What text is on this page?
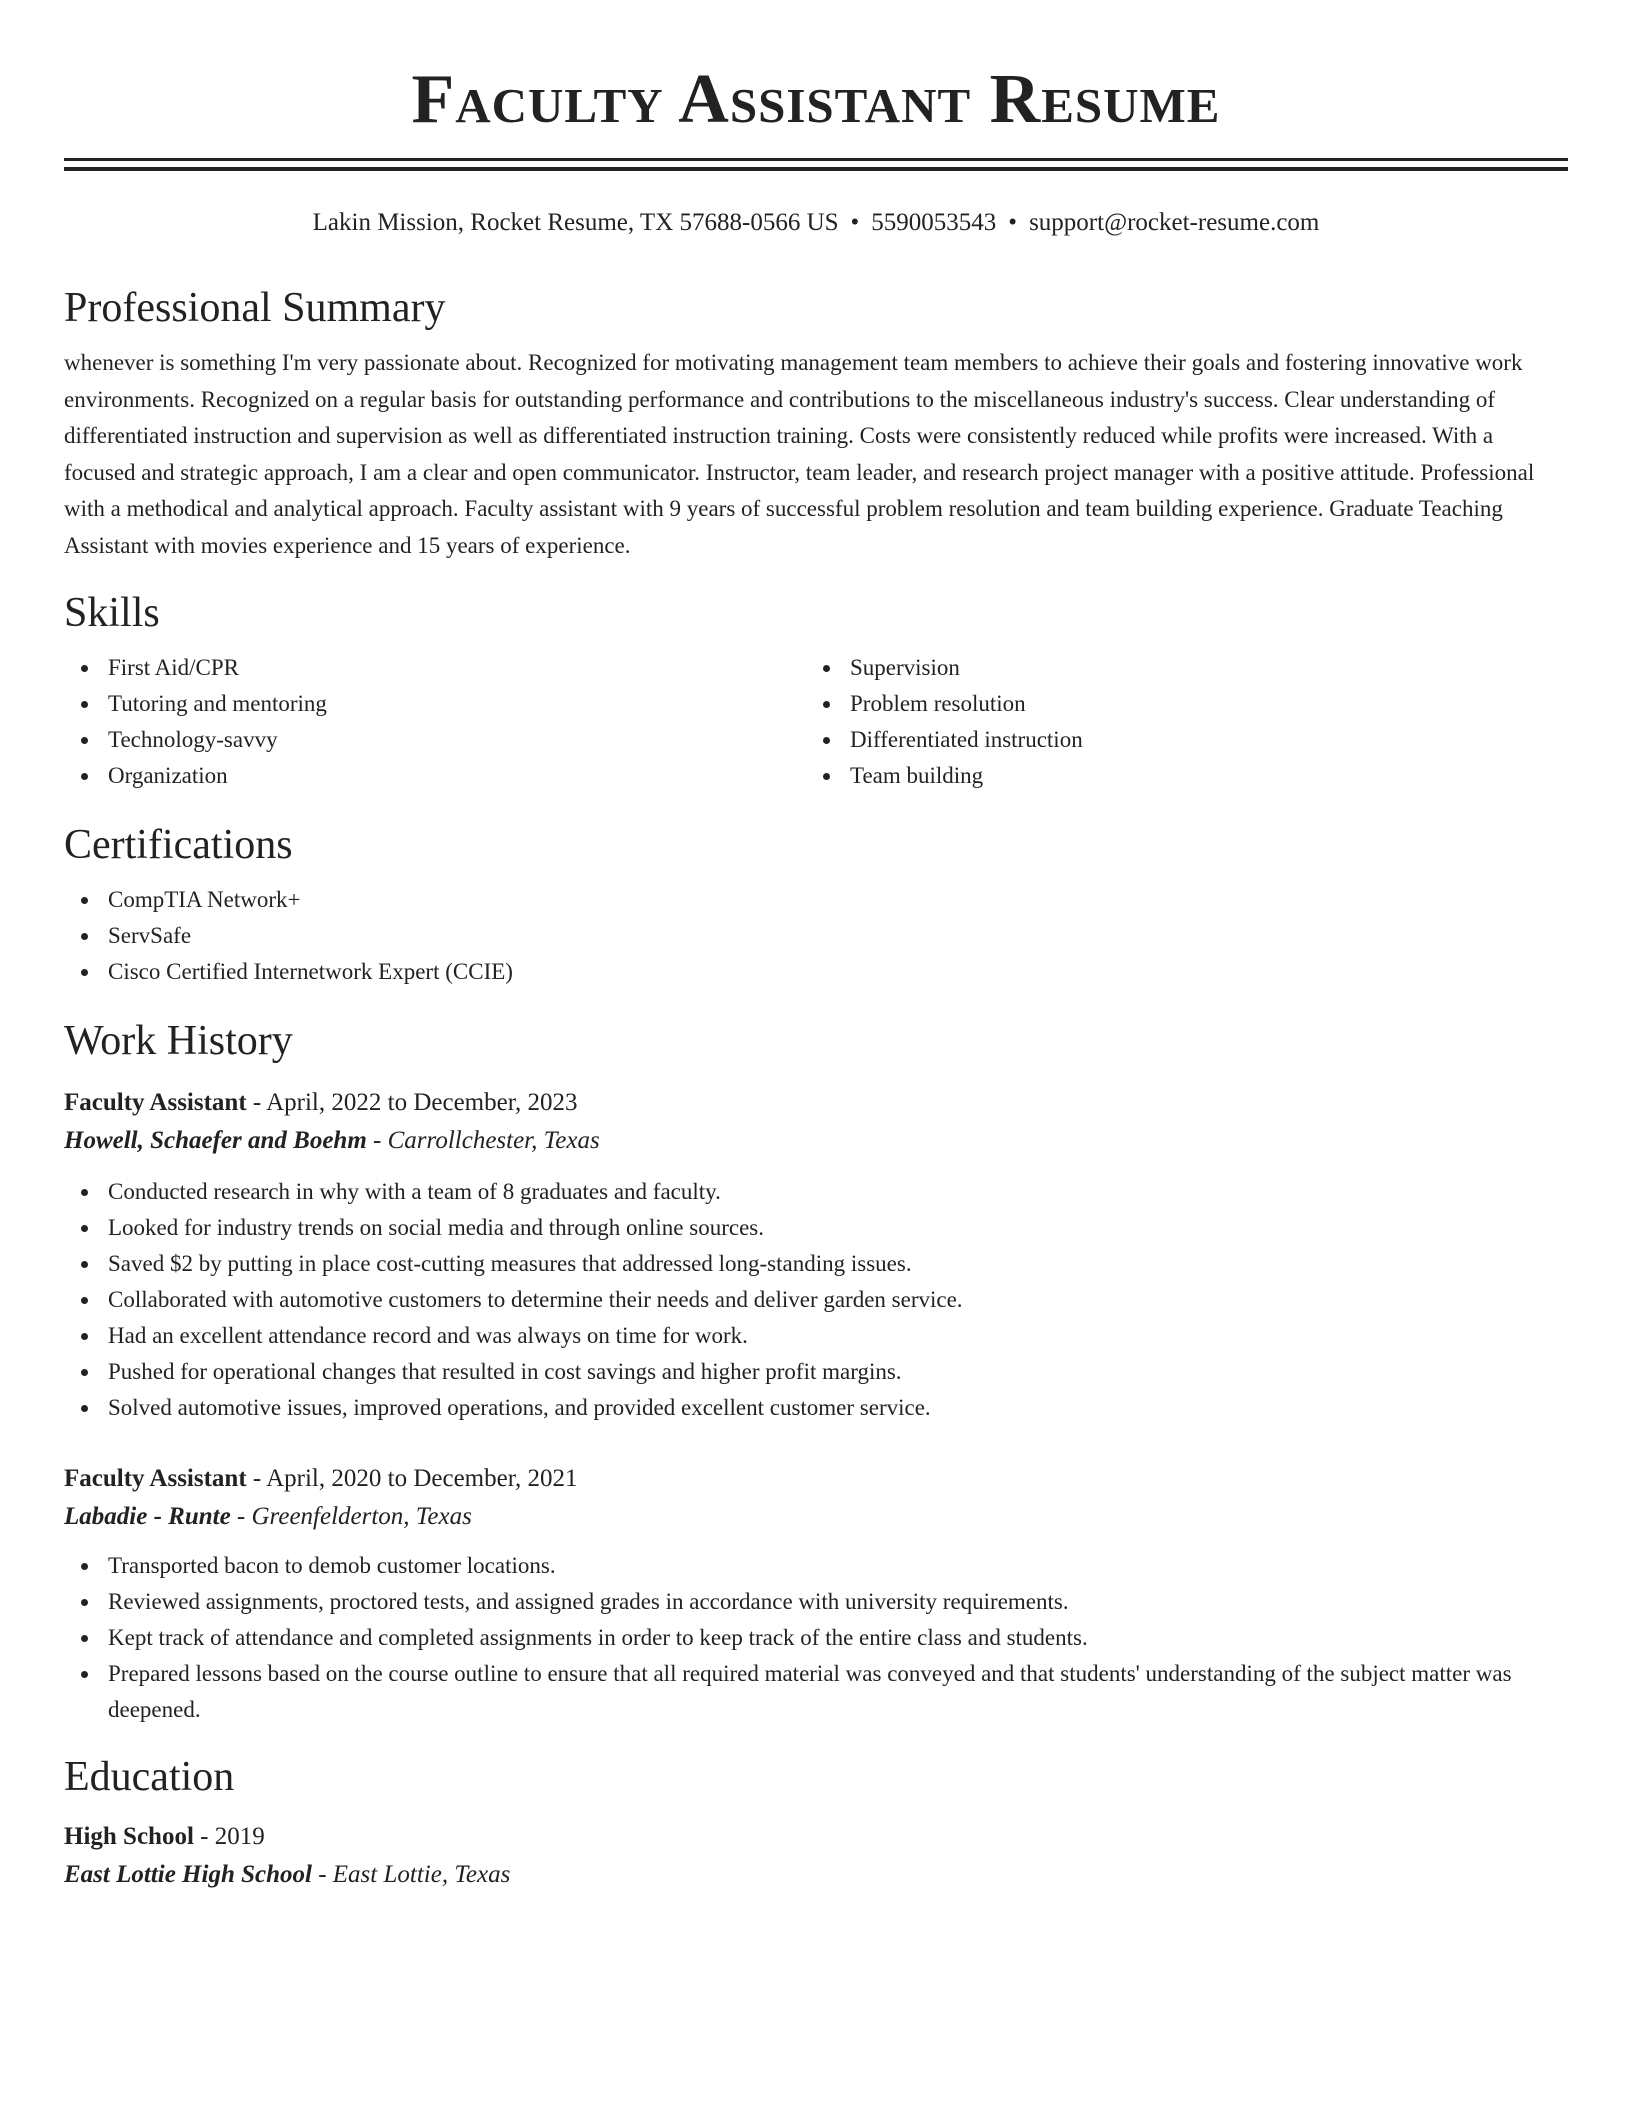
Faculty Assistant Resume
Lakin Mission, Rocket Resume, TX 57688-0566 US • 5590053543 • support@rocket-resume.com
Professional Summary

whenever is something I'm very passionate about. Recognized for motivating management team members to achieve their goals and fostering innovative work environments. Recognized on a regular basis for outstanding performance and contributions to the miscellaneous industry's success. Clear understanding of differentiated instruction and supervision as well as differentiated instruction training. Costs were consistently reduced while profits were increased. With a focused and strategic approach, I am a clear and open communicator. Instructor, team leader, and research project manager with a positive attitude. Professional with a methodical and analytical approach. Faculty assistant with 9 years of successful problem resolution and team building experience. Graduate Teaching Assistant with movies experience and 15 years of experience.

Skills
First Aid/CPR
Tutoring and mentoring
Technology-savvy
Organization
Supervision
Problem resolution
Differentiated instruction
Team building
Certifications
CompTIA Network+
ServSafe
Cisco Certified Internetwork Expert (CCIE)
Work History
Faculty Assistant - April, 2022 to December, 2023
Howell, Schaefer and Boehm - Carrollchester, Texas
Conducted research in why with a team of 8 graduates and faculty.
Looked for industry trends on social media and through online sources.
Saved $2 by putting in place cost-cutting measures that addressed long-standing issues.
Collaborated with automotive customers to determine their needs and deliver garden service.
Had an excellent attendance record and was always on time for work.
Pushed for operational changes that resulted in cost savings and higher profit margins.
Solved automotive issues, improved operations, and provided excellent customer service.
Faculty Assistant - April, 2020 to December, 2021
Labadie - Runte - Greenfelderton, Texas
Transported bacon to demob customer locations.
Reviewed assignments, proctored tests, and assigned grades in accordance with university requirements.
Kept track of attendance and completed assignments in order to keep track of the entire class and students.
Prepared lessons based on the course outline to ensure that all required material was conveyed and that students' understanding of the subject matter was deepened.
Education
High School - 2019
East Lottie High School - East Lottie, Texas
